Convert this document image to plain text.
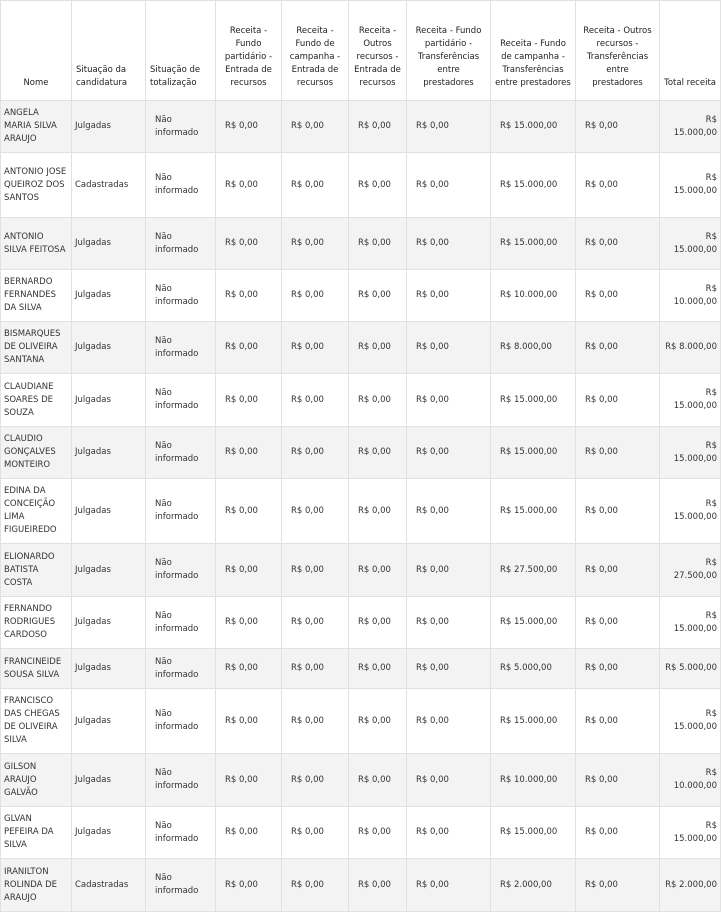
Nome	Situação da candidatura	Situação de totalização	Receita - Fundo partidário - Entrada de recursos	Receita - Fundo de campanha - Entrada de recursos	Receita - Outros recursos - Entrada de recursos	Receita - Fundo partidário - Transferências entre prestadores	Receita - Fundo de campanha - Transferências entre prestadores	Receita - Outros recursos - Transferências entre prestadores	Total receita
ANGELA MARIA SILVA ARAUJO	Julgadas	Não informado	R$ 0,00	R$ 0,00	R$ 0,00	R$ 0,00	R$ 15.000,00	R$ 0,00	R$ 15.000,00
ANTONIO JOSE QUEIROZ DOS SANTOS	Cadastradas	Não informado	R$ 0,00	R$ 0,00	R$ 0,00	R$ 0,00	R$ 15.000,00	R$ 0,00	R$ 15.000,00
ANTONIO SILVA FEITOSA	Julgadas	Não informado	R$ 0,00	R$ 0,00	R$ 0,00	R$ 0,00	R$ 15.000,00	R$ 0,00	R$ 15.000,00
BERNARDO FERNANDES DA SILVA	Julgadas	Não informado	R$ 0,00	R$ 0,00	R$ 0,00	R$ 0,00	R$ 10.000,00	R$ 0,00	R$ 10.000,00
BISMARQUES DE OLIVEIRA SANTANA	Julgadas	Não informado	R$ 0,00	R$ 0,00	R$ 0,00	R$ 0,00	R$ 8.000,00	R$ 0,00	R$ 8.000,00
CLAUDIANE SOARES DE SOUZA	Julgadas	Não informado	R$ 0,00	R$ 0,00	R$ 0,00	R$ 0,00	R$ 15.000,00	R$ 0,00	R$ 15.000,00
CLAUDIO GONÇALVES MONTEIRO	Julgadas	Não informado	R$ 0,00	R$ 0,00	R$ 0,00	R$ 0,00	R$ 15.000,00	R$ 0,00	R$ 15.000,00
EDINA DA CONCEIÇÃO LIMA FIGUEIREDO	Julgadas	Não informado	R$ 0,00	R$ 0,00	R$ 0,00	R$ 0,00	R$ 15.000,00	R$ 0,00	R$ 15.000,00
ELIONARDO BATISTA COSTA	Julgadas	Não informado	R$ 0,00	R$ 0,00	R$ 0,00	R$ 0,00	R$ 27.500,00	R$ 0,00	R$ 27.500,00
FERNANDO RODRIGUES CARDOSO	Julgadas	Não informado	R$ 0,00	R$ 0,00	R$ 0,00	R$ 0,00	R$ 15.000,00	R$ 0,00	R$ 15.000,00
FRANCINEIDE SOUSA SILVA	Julgadas	Não informado	R$ 0,00	R$ 0,00	R$ 0,00	R$ 0,00	R$ 5.000,00	R$ 0,00	R$ 5.000,00
FRANCISCO DAS CHEGAS DE OLIVEIRA SILVA	Julgadas	Não informado	R$ 0,00	R$ 0,00	R$ 0,00	R$ 0,00	R$ 15.000,00	R$ 0,00	R$ 15.000,00
GILSON ARAUJO GALVÃO	Julgadas	Não informado	R$ 0,00	R$ 0,00	R$ 0,00	R$ 0,00	R$ 10.000,00	R$ 0,00	R$ 10.000,00
GLVAN PEFEIRA DA SILVA	Julgadas	Não informado	R$ 0,00	R$ 0,00	R$ 0,00	R$ 0,00	R$ 15.000,00	R$ 0,00	R$ 15.000,00
IRANILTON ROLINDA DE ARAUJO	Cadastradas	Não informado	R$ 0,00	R$ 0,00	R$ 0,00	R$ 0,00	R$ 2.000,00	R$ 0,00	R$ 2.000,00
